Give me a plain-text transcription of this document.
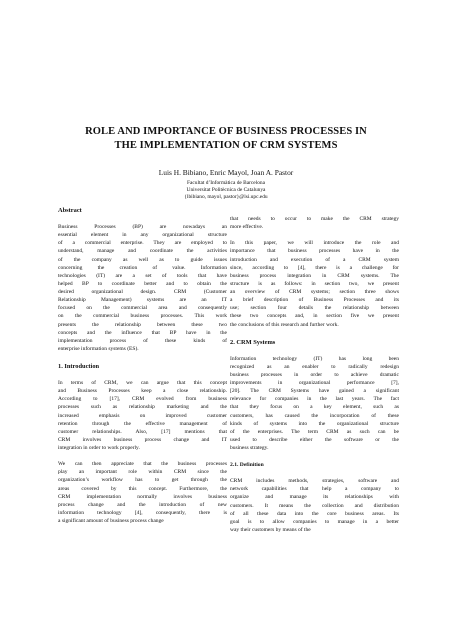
ROLE AND IMPORTANCE OF BUSINESS PROCESSES IN
THE IMPLEMENTATION OF CRM SYSTEMS
Luis H. Bibiano, Enric Mayol, Joan A. Pastor
Facultat d’Informàtica de Barcelona
Universitat Politècnica de Catalunya
{lbibiano, mayol, pastor}@lsi.upc.edu
Abstract
Business Processes (BP) are nowadays an
essential element in any organizational structure
of a commercial enterprise. They are employed to
understand, manage and coordinate the activities
of the company as well as to guide issues
concerning the creation of value. Information
technologies (IT) are a set of tools that have
helped BP to coordinate better and to obtain the
desired organizational design. CRM (Customer
Relationship Management) systems are an IT
focused on the commercial area and consequently
on the commercial business processes. This work
presents the relationship between these two
concepts and the influence that BP have in the
implementation process of these kinds of
enterprise information systems (ES).
1. Introduction
In terms of CRM, we can argue that this concept
and Business Processes keep a close relationship.
According to [17], CRM evolved from business
processes such as relationship marketing and the
increased emphasis on improved customer
retention through the effective management of
customer relationships. Also, [17] mentions that
CRM involves business process change and IT
integration in order to work properly.
We can then appreciate that the business processes
play an important role within CRM since the
organization’s workflow has to get through the
areas covered by this concept. Furthermore, the
CRM implementation normally involves business
process change and the introduction of new
information technology [4], consequently, there is
a significant amount of business process change
that needs to occur to make the CRM strategy
more effective.
In this paper, we will introduce the role and
importance that business processes have in the
introduction and execution of a CRM system
since, according to [4], there is a challenge for
business process integration in CRM systems. The
structure is as follows: in section two, we present
an overview of CRM systems; section three shows
a brief description of Business Processes and its
use; section four details the relationship between
these two concepts and, in section five we present
the conclusions of this research and further work.
2. CRM Systems
Information technology (IT) has long been
recognized as an enabler to radically redesign
business processes in order to achieve dramatic
improvements in organizational performance [7],
[20]. The CRM Systems have gained a significant
relevance for companies in the last years. The fact
that they focus on a key element, such as
customers, has caused the incorporation of these
kinds of systems into the organizational structure
of the enterprises. The term CRM as such can be
used to describe either the software or the
business strategy.
2.1. Definition
CRM includes methods, strategies, software and
network capabilities that help a company to
organize and manage its relationships with
customers. It means the collection and distribution
of all these data into the core business areas. Its
goal is to allow companies to manage in a better
way their customers by means of the
